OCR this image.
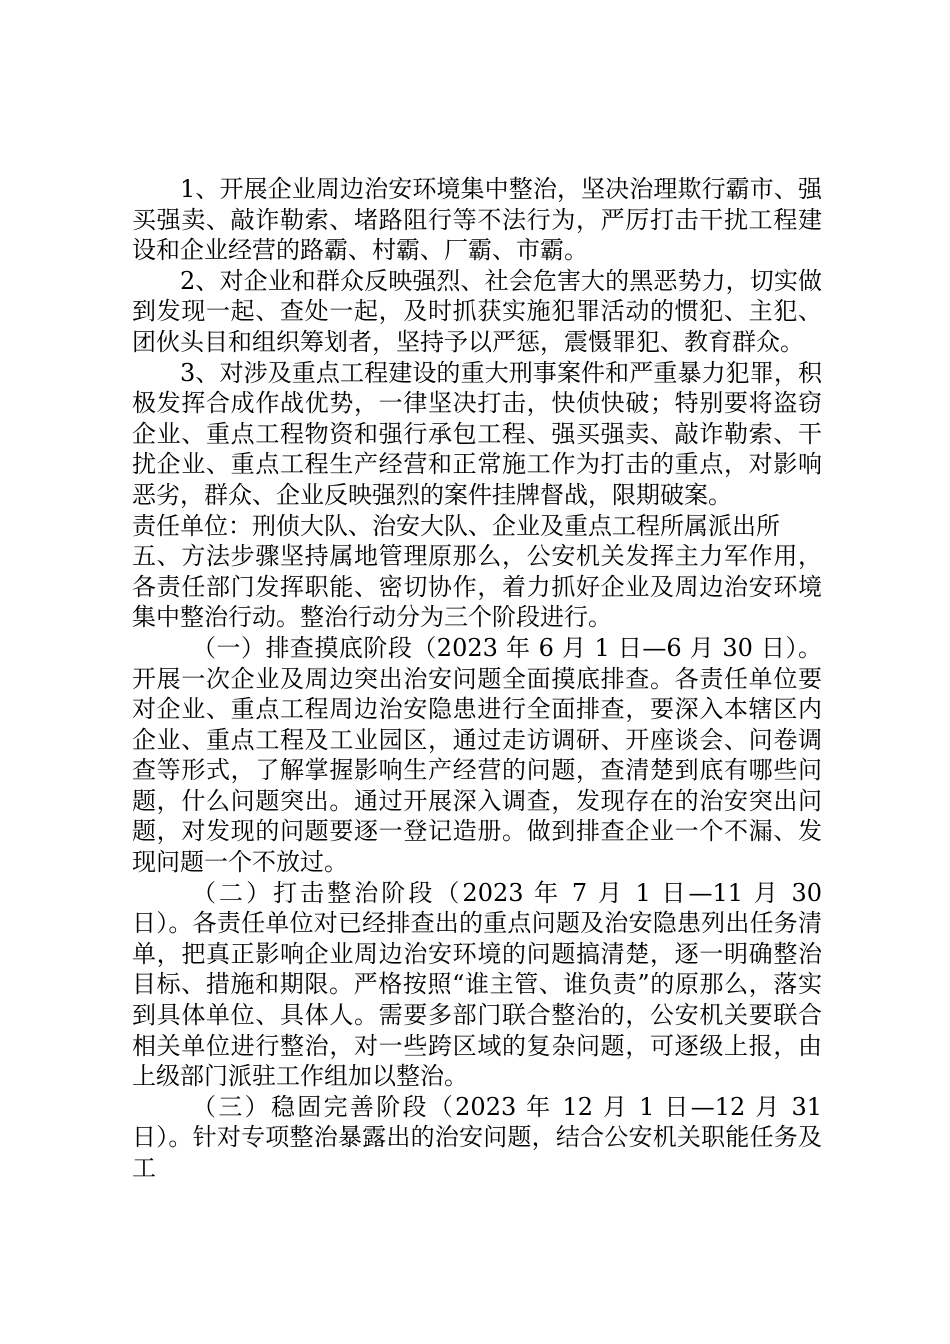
1、开展企业周边治安环境集中整治，坚决治理欺行霸市、强买强卖、敲诈勒索、堵路阻行等不法行为，严厉打击干扰工程建设和企业经营的路霸、村霸、厂霸、市霸。

2、对企业和群众反映强烈、社会危害大的黑恶势力，切实做到发现一起、查处一起，及时抓获实施犯罪活动的惯犯、主犯、团伙头目和组织筹划者，坚持予以严惩，震慑罪犯、教育群众。

3、对涉及重点工程建设的重大刑事案件和严重暴力犯罪，积极发挥合成作战优势，一律坚决打击，快侦快破；特别要将盗窃企业、重点工程物资和强行承包工程、强买强卖、敲诈勒索、干扰企业、重点工程生产经营和正常施工作为打击的重点，对影响恶劣，群众、企业反映强烈的案件挂牌督战，限期破案。

责任单位：刑侦大队、治安大队、企业及重点工程所属派出所

五、方法步骤坚持属地管理原那么，公安机关发挥主力军作用，各责任部门发挥职能、密切协作，着力抓好企业及周边治安环境集中整治行动。整治行动分为三个阶段进行。

（一）排查摸底阶段（2023 年 6 月 1 日—6 月 30 日）。开展一次企业及周边突出治安问题全面摸底排查。各责任单位要对企业、重点工程周边治安隐患进行全面排查，要深入本辖区内企业、重点工程及工业园区，通过走访调研、开座谈会、问卷调查等形式，了解掌握影响生产经营的问题，查清楚到底有哪些问题，什么问题突出。通过开展深入调查，发现存在的治安突出问题，对发现的问题要逐一登记造册。做到排查企业一个不漏、发现问题一个不放过。

（二）打击整治阶段（2023 年 7 月 1 日—11 月 30 日）。各责任单位对已经排查出的重点问题及治安隐患列出任务清单，把真正影响企业周边治安环境的问题搞清楚，逐一明确整治目标、措施和期限。严格按照“谁主管、谁负责”的原那么，落实到具体单位、具体人。需要多部门联合整治的，公安机关要联合相关单位进行整治，对一些跨区域的复杂问题，可逐级上报，由上级部门派驻工作组加以整治。

（三）稳固完善阶段（2023 年 12 月 1 日—12 月 31 日）。针对专项整治暴露出的治安问题，结合公安机关职能任务及工
